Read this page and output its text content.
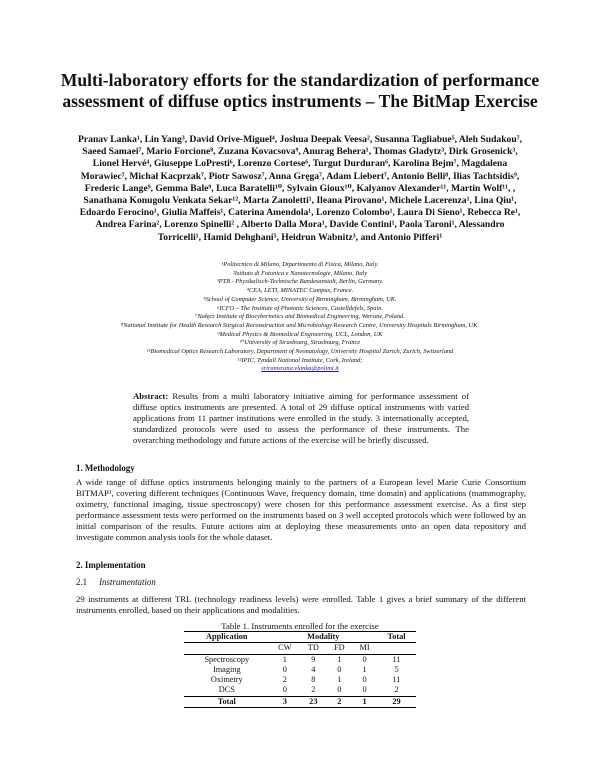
Multi-laboratory efforts for the standardization of performance assessment of diffuse optics instruments – The BitMap Exercise
Pranav Lanka¹, Lin Yang³, David Orive-Miguel⁴, Joshua Deepak Veesa², Susanna Tagliabue⁵, Aleh Sudakou⁷, Saeed Samaei⁷, Mario Forcione⁸, Zuzana Kovacsova⁹, Anurag Behera¹, Thomas Gladytz³, Dirk Grosenick³, Lionel Hervé⁴, Giuseppe LoPresti⁶, Lorenzo Cortese⁶, Turgut Durduran⁶, Karolina Bejm⁷, Magdalena Morawiec⁷, Michał Kacprzak⁷, Piotr Sawosz⁷, Anna Gręga⁷, Adam Liebert⁷, Antonio Belli⁸, Ilias Tachtsidis⁹, Frederic Lange⁹, Gemma Bale⁹, Luca Baratelli¹⁰, Sylvain Gioux¹⁰, Kalyanov Alexander¹¹, Martin Wolf¹¹, , Sanathana Konugolu Venkata Sekar¹², Marta Zanoletti¹, Ileana Pirovano¹, Michele Lacerenza¹, Lina Qiu¹, Edoardo Ferocino¹, Giulia Maffeis¹, Caterina Amendola¹, Lorenzo Colombo¹, Laura Di Sieno¹, Rebecca Re¹, Andrea Farina², Lorenzo Spinelli² , Alberto Dalla Mora¹, Davide Contini¹, Paola Taroni¹, Alessandro Torricelli¹, Hamid Dehghani⁵, Heidrun Wabnitz³, and Antonio Pifferi¹
¹Politecnico di Milano, Dipartimento di Fisica, Milano, Italy.
²Istituto di Fotonica e Nanotecnologie, Milano, Italy
³PTB - Physikalisch-Technische Bundesanstalt, Berlin, Germany.
⁴CEA, LETI, MINATEC Campus, France.
⁵School of Computer Science, University of Birmingham, Birmingham, UK.
⁶ICFO – The Institute of Photonic Sciences, Castelldefels, Spain.
⁷Nałęcz Institute of Biocybernetics and Biomedical Engineering, Warsaw, Poland.
⁸National Institute for Health Research Surgical Reconstruction and Microbiology Research Centre, University Hospitals Birmingham, UK.
⁹Medical Physics & Biomedical Engineering, UCL, London, UK
¹⁰University of Strasbourg, Strasbourg, France
¹¹Biomedical Optics Research Laboratory, Department of Neonatology, University Hospital Zurich, Zurich, Switzerland
¹²IPIC, Tyndall National Institute, Cork, Ireland;
sriramsrana.vlanka@polimi.it
Abstract: Results from a multi laboratory initiative aiming for performance assessment of diffuse optics instruments are presented. A total of 29 diffuse optical instruments with varied applications from 11 partner institutions were enrolled in the study. 3 internationally accepted, standardized protocols were used to assess the performance of these instruments. The overarching methodology and future actions of the exercise will be briefly discussed.
1. Methodology
A wide range of diffuse optics instruments belonging mainly to the partners of a European level Marie Curie Consortium BITMAP¹, covering different techniques (Continuous Wave, frequency domain, time domain) and applications (mammography, oximetry, functional imaging, tissue spectroscopy) were chosen for this performance assessment exercise. As a first step performance assessment tests were performed on the instruments based on 3 well accepted protocols which were followed by an initial comparison of the results. Future actions aim at deploying these measurements onto an open data repository and investigate common analysis tools for the whole dataset.
2. Implementation
2.1 Instrumentation
29 instruments at different TRL (technology readiness levels) were enrolled. Table 1 gives a brief summary of the different instruments enrolled, based on their applications and modalities.
Table 1. Instruments enrolled for the exercise
Application	Modality				Total
	CW	TD	FD	MI	
Spectroscopy	1	9	1	0	11
Imaging	0	4	0	1	5
Oximetry	2	8	1	0	11
DCS	0	2	0	0	2
Total	3	23	2	1	29
